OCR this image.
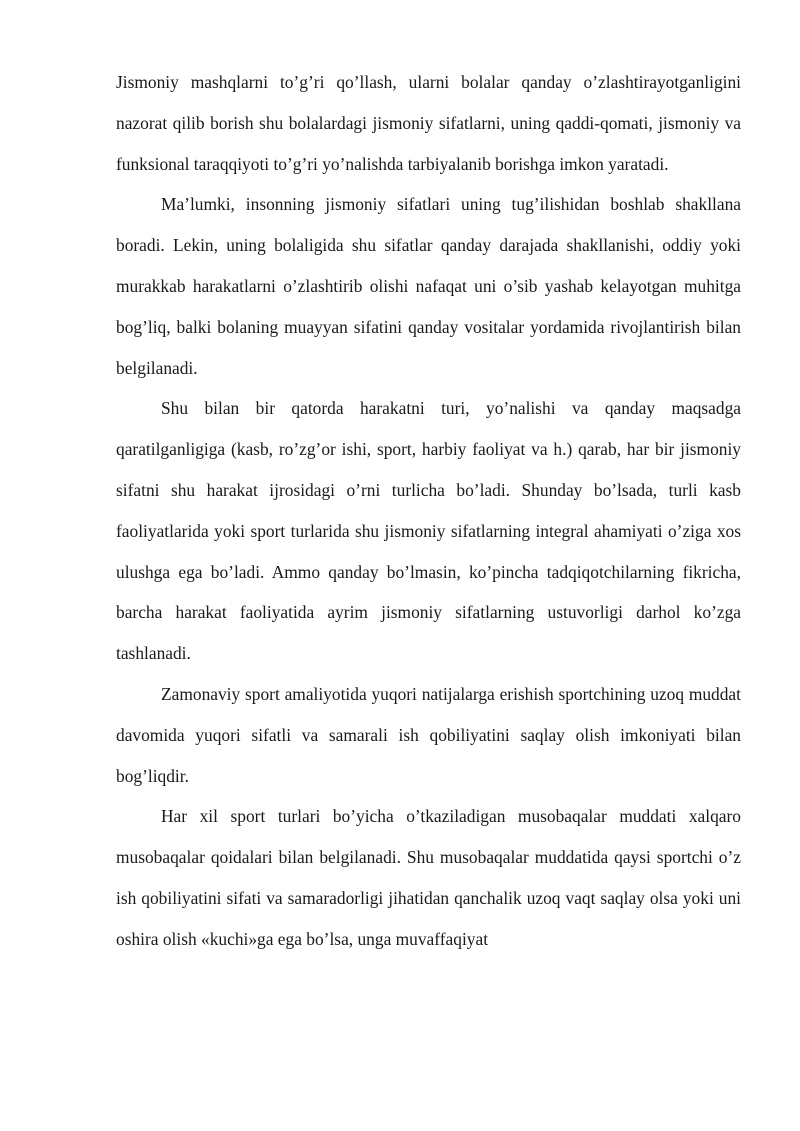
Jismoniy mashqlarni to’g’ri qo’llash, ularni bolalar qanday o’zlashtirayotganligini nazorat qilib borish shu bolalardagi jismoniy sifatlarni, uning qaddi-qomati, jismoniy va funksional taraqqiyoti to’g’ri yo’nalishda tarbiyalanib borishga imkon yaratadi.

Ma’lumki, insonning jismoniy sifatlari uning tug’ilishidan boshlab shakllana boradi. Lekin, uning bolaligida shu sifatlar qanday darajada shakllanishi, oddiy yoki murakkab harakatlarni o’zlashtirib olishi nafaqat uni o’sib yashab kelayotgan muhitga bog’liq, balki bolaning muayyan sifatini qanday vositalar yordamida rivojlantirish bilan belgilanadi.

Shu bilan bir qatorda harakatni turi, yo’nalishi va qanday maqsadga qaratilganligiga (kasb, ro’zg’or ishi, sport, harbiy faoliyat va h.) qarab, har bir jismoniy sifatni shu harakat ijrosidagi o’rni turlicha bo’ladi. Shunday bo’lsada, turli kasb faoliyatlarida yoki sport turlarida shu jismoniy sifatlarning integral ahamiyati o’ziga xos ulushga ega bo’ladi. Ammo qanday bo’lmasin, ko’pincha tadqiqotchilarning fikricha, barcha harakat faoliyatida ayrim jismoniy sifatlarning ustuvorligi darhol ko’zga tashlanadi.

Zamonaviy sport amaliyotida yuqori natijalarga erishish sportchining uzoq muddat davomida yuqori sifatli va samarali ish qobiliyatini saqlay olish imkoniyati bilan bog’liqdir.

Har xil sport turlari bo’yicha o’tkaziladigan musobaqalar muddati xalqaro musobaqalar qoidalari bilan belgilanadi. Shu musobaqalar muddatida qaysi sportchi o’z ish qobiliyatini sifati va samaradorligi jihatidan qanchalik uzoq vaqt saqlay olsa yoki uni oshira olish «kuchi»ga ega bo’lsa, unga muvaffaqiyat
